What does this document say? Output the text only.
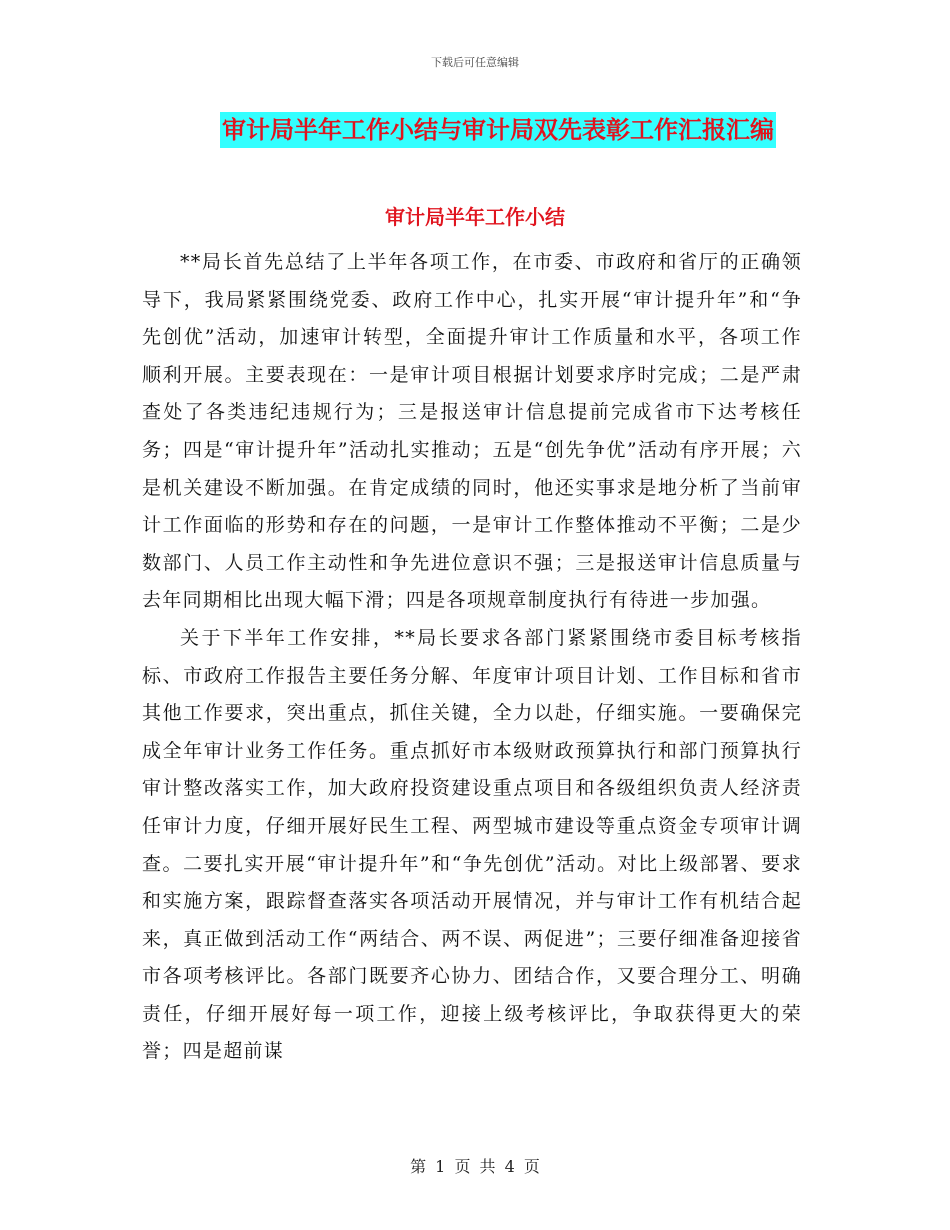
下载后可任意编辑
审计局半年工作小结与审计局双先表彰工作汇报汇编
审计局半年工作小结

**局长首先总结了上半年各项工作，在市委、市政府和省厅的正确领导下，我局紧紧围绕党委、政府工作中心，扎实开展“审计提升年”和“争先创优”活动，加速审计转型，全面提升审计工作质量和水平，各项工作顺利开展。主要表现在：一是审计项目根据计划要求序时完成；二是严肃查处了各类违纪违规行为；三是报送审计信息提前完成省市下达考核任务；四是“审计提升年”活动扎实推动；五是“创先争优”活动有序开展；六是机关建设不断加强。在肯定成绩的同时，他还实事求是地分析了当前审计工作面临的形势和存在的问题，一是审计工作整体推动不平衡；二是少数部门、人员工作主动性和争先进位意识不强；三是报送审计信息质量与去年同期相比出现大幅下滑；四是各项规章制度执行有待进一步加强。

关于下半年工作安排，**局长要求各部门紧紧围绕市委目标考核指标、市政府工作报告主要任务分解、年度审计项目计划、工作目标和省市其他工作要求，突出重点，抓住关键，全力以赴，仔细实施。一要确保完成全年审计业务工作任务。重点抓好市本级财政预算执行和部门预算执行审计整改落实工作，加大政府投资建设重点项目和各级组织负责人经济责任审计力度，仔细开展好民生工程、两型城市建设等重点资金专项审计调查。二要扎实开展“审计提升年”和“争先创优”活动。对比上级部署、要求和实施方案，跟踪督查落实各项活动开展情况，并与审计工作有机结合起来，真正做到活动工作“两结合、两不误、两促进”；三要仔细准备迎接省市各项考核评比。各部门既要齐心协力、团结合作，又要合理分工、明确责任，仔细开展好每一项工作，迎接上级考核评比，争取获得更大的荣誉；四是超前谋

第 1 页 共 4 页
